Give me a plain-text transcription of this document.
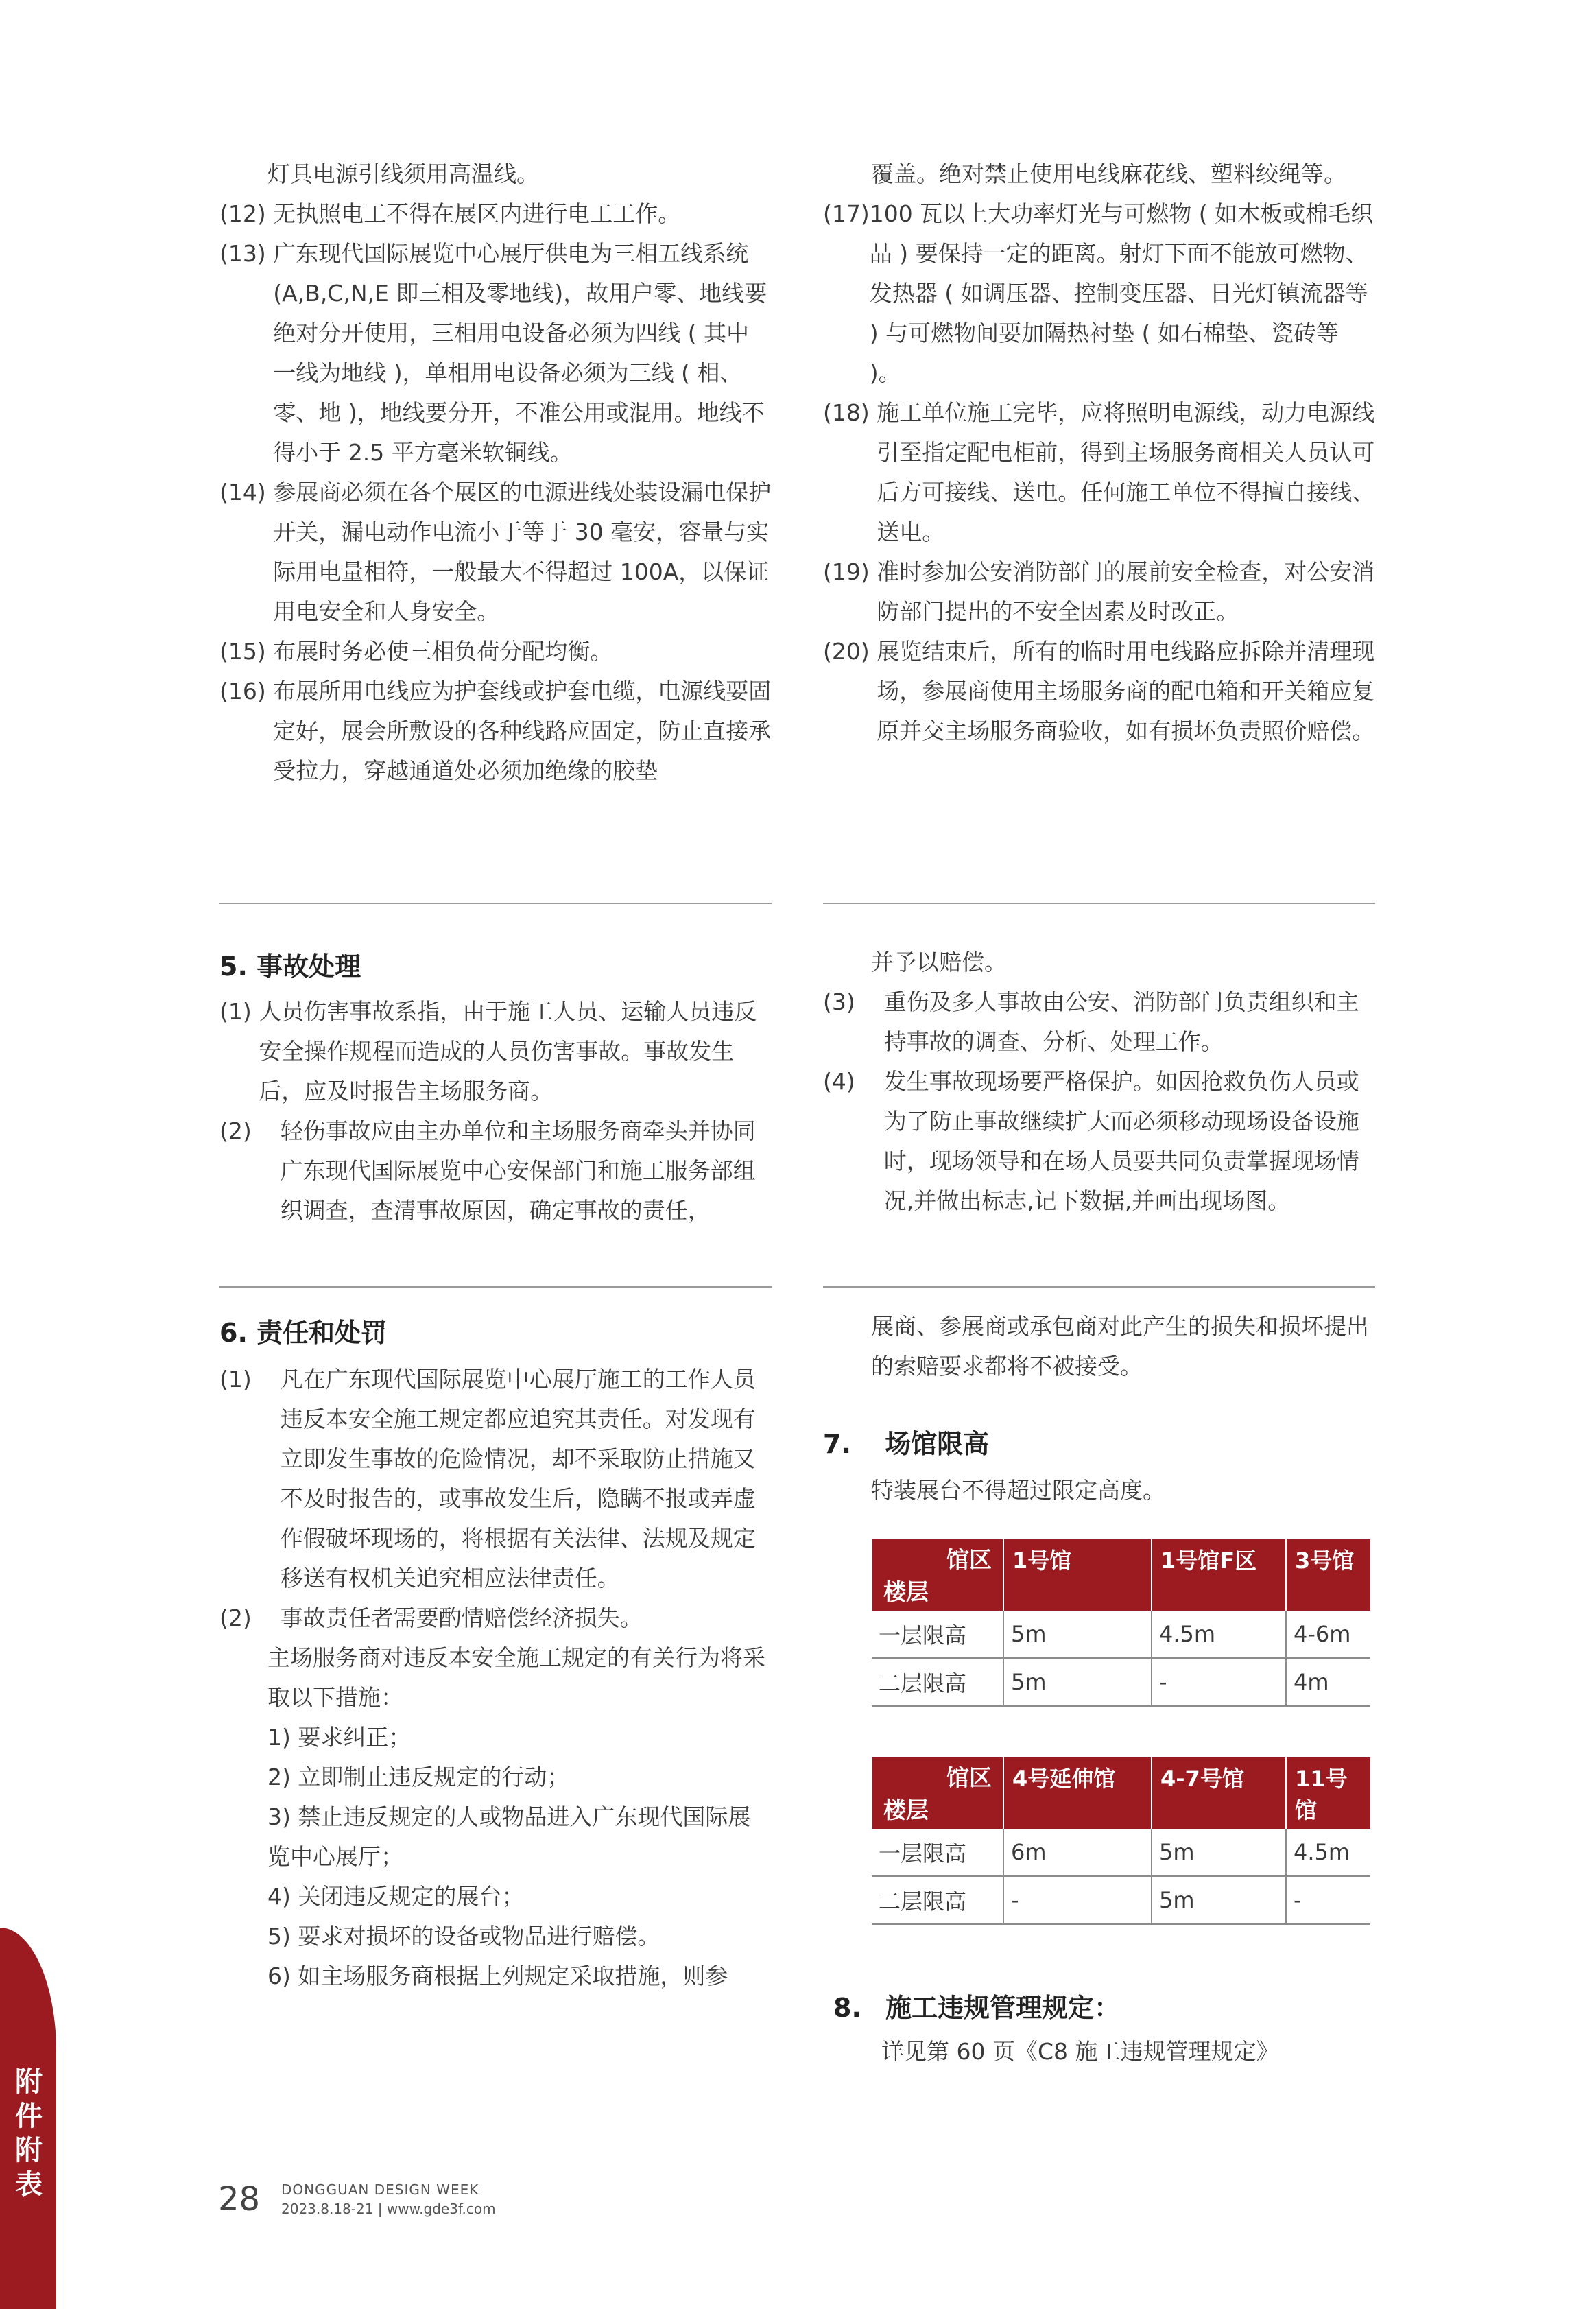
灯具电源引线须用高温线。

(12) 无执照电工不得在展区内进行电工工作。
(13) 广东现代国际展览中心展厅供电为三相五线系统 (A,B,C,N,E 即三相及零地线)，故用户零、地线要绝对分开使用，三相用电设备必须为四线 ( 其中一线为地线 )，单相用电设备必须为三线 ( 相、零、地 )，地线要分开，不准公用或混用。地线不得小于 2.5 平方毫米软铜线。
(14) 参展商必须在各个展区的电源进线处装设漏电保护开关，漏电动作电流小于等于 30 毫安，容量与实际用电量相符，一般最大不得超过 100A，以保证用电安全和人身安全。
(15) 布展时务必使三相负荷分配均衡。
(16) 布展所用电线应为护套线或护套电缆，电源线要固定好，展会所敷设的各种线路应固定，防止直接承受拉力，穿越通道处必须加绝缘的胶垫

覆盖。绝对禁止使用电线麻花线、塑料绞绳等。

(17) 100 瓦以上大功率灯光与可燃物 ( 如木板或棉毛织品 ) 要保持一定的距离。射灯下面不能放可燃物、发热器 ( 如调压器、控制变压器、日光灯镇流器等 ) 与可燃物间要加隔热衬垫 ( 如石棉垫、瓷砖等 )。
(18) 施工单位施工完毕，应将照明电源线，动力电源线引至指定配电柜前，得到主场服务商相关人员认可后方可接线、送电。任何施工单位不得擅自接线、送电。
(19) 准时参加公安消防部门的展前安全检查，对公安消防部门提出的不安全因素及时改正。
(20) 展览结束后，所有的临时用电线路应拆除并清理现场，参展商使用主场服务商的配电箱和开关箱应复原并交主场服务商验收，如有损坏负责照价赔偿。
5. 事故处理
(1) 人员伤害事故系指，由于施工人员、运输人员违反安全操作规程而造成的人员伤害事故。事故发生后，应及时报告主场服务商。
(2) 轻伤事故应由主办单位和主场服务商牵头并协同广东现代国际展览中心安保部门和施工服务部组织调查，查清事故原因，确定事故的责任，

并予以赔偿。

(3) 重伤及多人事故由公安、消防部门负责组织和主持事故的调查、分析、处理工作。
(4) 发生事故现场要严格保护。如因抢救负伤人员或为了防止事故继续扩大而必须移动现场设备设施时，现场领导和在场人员要共同负责掌握现场情况,并做出标志,记下数据,并画出现场图。
6. 责任和处罚
(1) 凡在广东现代国际展览中心展厅施工的工作人员违反本安全施工规定都应追究其责任。对发现有立即发生事故的危险情况，却不采取防止措施又不及时报告的，或事故发生后，隐瞒不报或弄虚作假破坏现场的，将根据有关法律、法规及规定移送有权机关追究相应法律责任。
(2) 事故责任者需要酌情赔偿经济损失。

主场服务商对违反本安全施工规定的有关行为将采取以下措施：

1) 要求纠正；

2) 立即制止违反规定的行动；

3) 禁止违反规定的人或物品进入广东现代国际展览中心展厅；

4) 关闭违反规定的展台；

5) 要求对损坏的设备或物品进行赔偿。

6) 如主场服务商根据上列规定采取措施，则参

展商、参展商或承包商对此产生的损失和损坏提出的索赔要求都将不被接受。

7. 场馆限高

特装展台不得超过限定高度。

馆区
楼层	1号馆	1号馆F区	3号馆
一层限高	5m	4.5m	4-6m
二层限高	5m	-	4m
馆区
楼层	4号延伸馆	4-7号馆	11号馆
一层限高	6m	5m	4.5m
二层限高	-	5m	-
8. 施工违规管理规定：

详见第 60 页《C8 施工违规管理规定》

附件附表	28 DONGGUAN DESIGN WEEK
2023.8.18-21 | www.gde3f.com
